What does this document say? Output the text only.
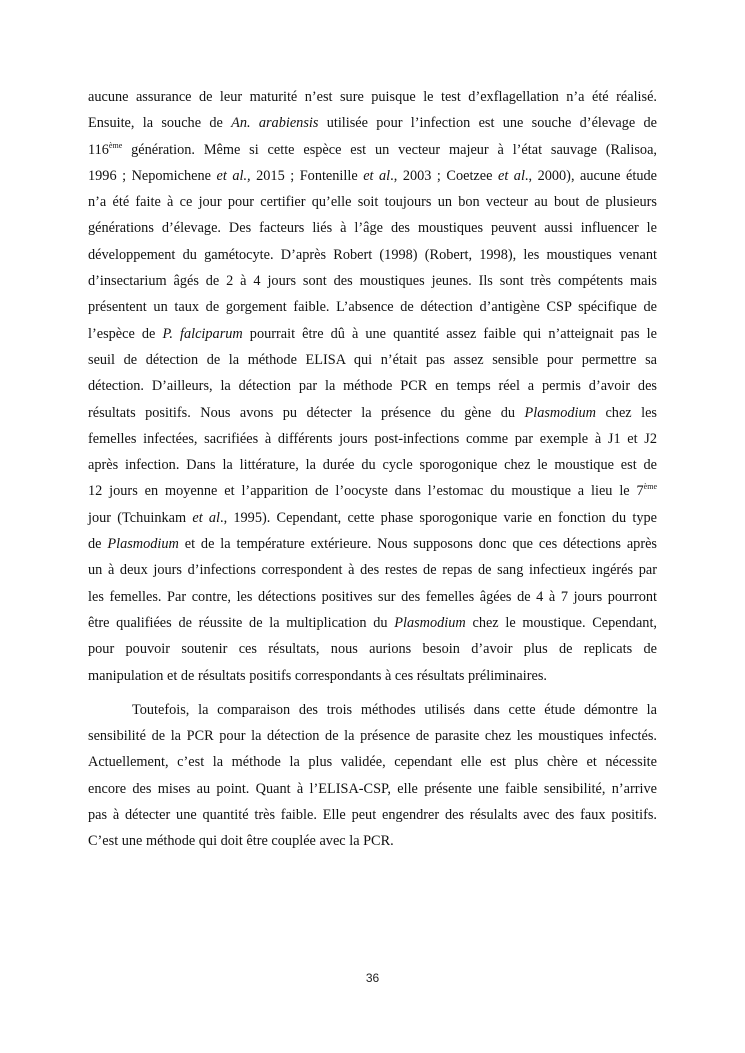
aucune assurance de leur maturité n’est sure puisque le test d’exflagellation n’a été réalisé.
Ensuite, la souche de An. arabiensis utilisée pour l’infection est une souche d’élevage de
116ème génération. Même si cette espèce est un vecteur majeur à l’état sauvage (Ralisoa,
1996 ; Nepomichene et al., 2015 ; Fontenille et al., 2003 ; Coetzee et al., 2000), aucune étude
n’a été faite à ce jour pour certifier qu’elle soit toujours un bon vecteur au bout de plusieurs
générations d’élevage. Des facteurs liés à l’âge des moustiques peuvent aussi influencer le
développement du gamétocyte. D’après Robert (1998) (Robert, 1998), les moustiques venant
d’insectarium âgés de 2 à 4 jours sont des moustiques jeunes. Ils sont très compétents mais
présentent un taux de gorgement faible. L’absence de détection d’antigène CSP spécifique de
l’espèce de P. falciparum pourrait être dû à une quantité assez faible qui n’atteignait pas le
seuil de détection de la méthode ELISA qui n’était pas assez sensible pour permettre sa
détection. D’ailleurs, la détection par la méthode PCR en temps réel a permis d’avoir des
résultats positifs. Nous avons pu détecter la présence du gène du Plasmodium chez les
femelles infectées, sacrifiées à différents jours post-infections comme par exemple à J1 et J2
après infection. Dans la littérature, la durée du cycle sporogonique chez le moustique est de
12 jours en moyenne et l’apparition de l’oocyste dans l’estomac du moustique a lieu le 7ème
jour (Tchuinkam et al., 1995). Cependant, cette phase sporogonique varie en fonction du type
de Plasmodium et de la température extérieure. Nous supposons donc que ces détections après
un à deux jours d’infections correspondent à des restes de repas de sang infectieux ingérés par
les femelles. Par contre, les détections positives sur des femelles âgées de 4 à 7 jours pourront
être qualifiées de réussite de la multiplication du Plasmodium chez le moustique. Cependant,
pour pouvoir soutenir ces résultats, nous aurions besoin d’avoir plus de replicats de
manipulation et de résultats positifs correspondants à ces résultats préliminaires.
Toutefois, la comparaison des trois méthodes utilisés dans cette étude démontre la
sensibilité de la PCR pour la détection de la présence de parasite chez les moustiques infectés.
Actuellement, c’est la méthode la plus validée, cependant elle est plus chère et nécessite
encore des mises au point. Quant à l’ELISA-CSP, elle présente une faible sensibilité, n’arrive
pas à détecter une quantité très faible. Elle peut engendrer des résulalts avec des faux positifs.
C’est une méthode qui doit être couplée avec la PCR.
36
